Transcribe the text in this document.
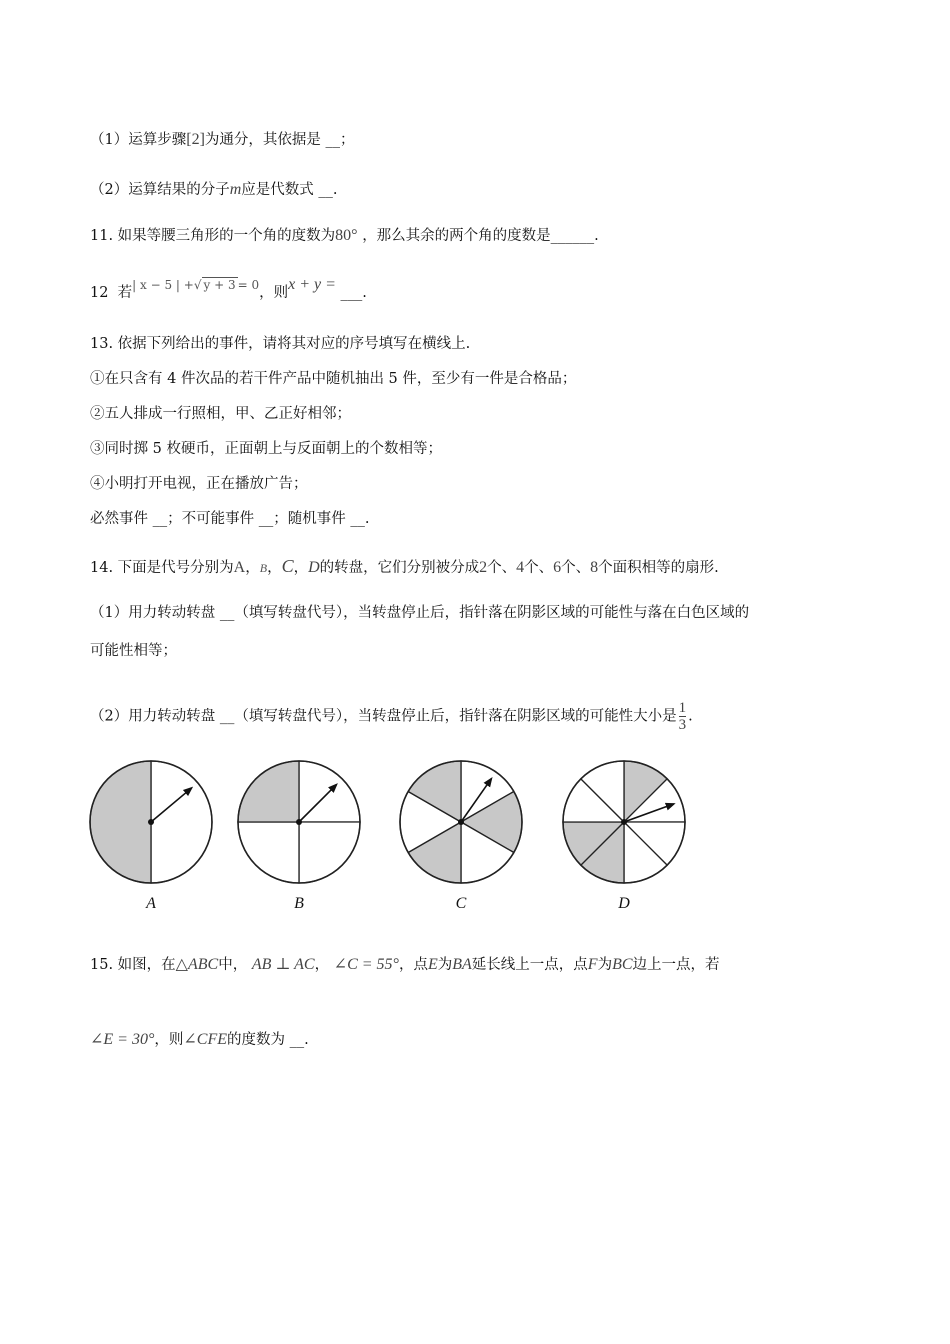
（1）运算步骤[2]为通分，其依据是 __；
（2）运算结果的分子m应是代数式 __.
11. 如果等腰三角形的一个角的度数为80° ，那么其余的两个角的度数是______.
12 若$^{| x - 5 | +√ y + 3 = 0}$，则x + y = ___.
13. 依据下列给出的事件，请将其对应的序号填写在横线上.
①在只含有 4 件次品的若干件产品中随机抽出 5 件，至少有一件是合格品；
②五人排成一行照相，甲、乙正好相邻；
③同时掷 5 枚硬币，正面朝上与反面朝上的个数相等；
④小明打开电视，正在播放广告；
必然事件 __；不可能事件 __；随机事件 __.
14. 下面是代号分别为A，B，C，D的转盘，它们分别被分成2个、4个、6个、8个面积相等的扇形.
（1）用力转动转盘 __（填写转盘代号），当转盘停止后，指针落在阴影区域的可能性与落在白色区域的
可能性相等；
（2）用力转动转盘 __（填写转盘代号），当转盘停止后，指针落在阴影区域的可能性大小是 $\frac{1}{3}$ .
A	B	C	D
15. 如图，在△ABC中， AB ⊥ AC， ∠C = 55°，点E为BA延长线上一点，点F为BC边上一点，若
∠E = 30°，则∠CFE的度数为 __.
